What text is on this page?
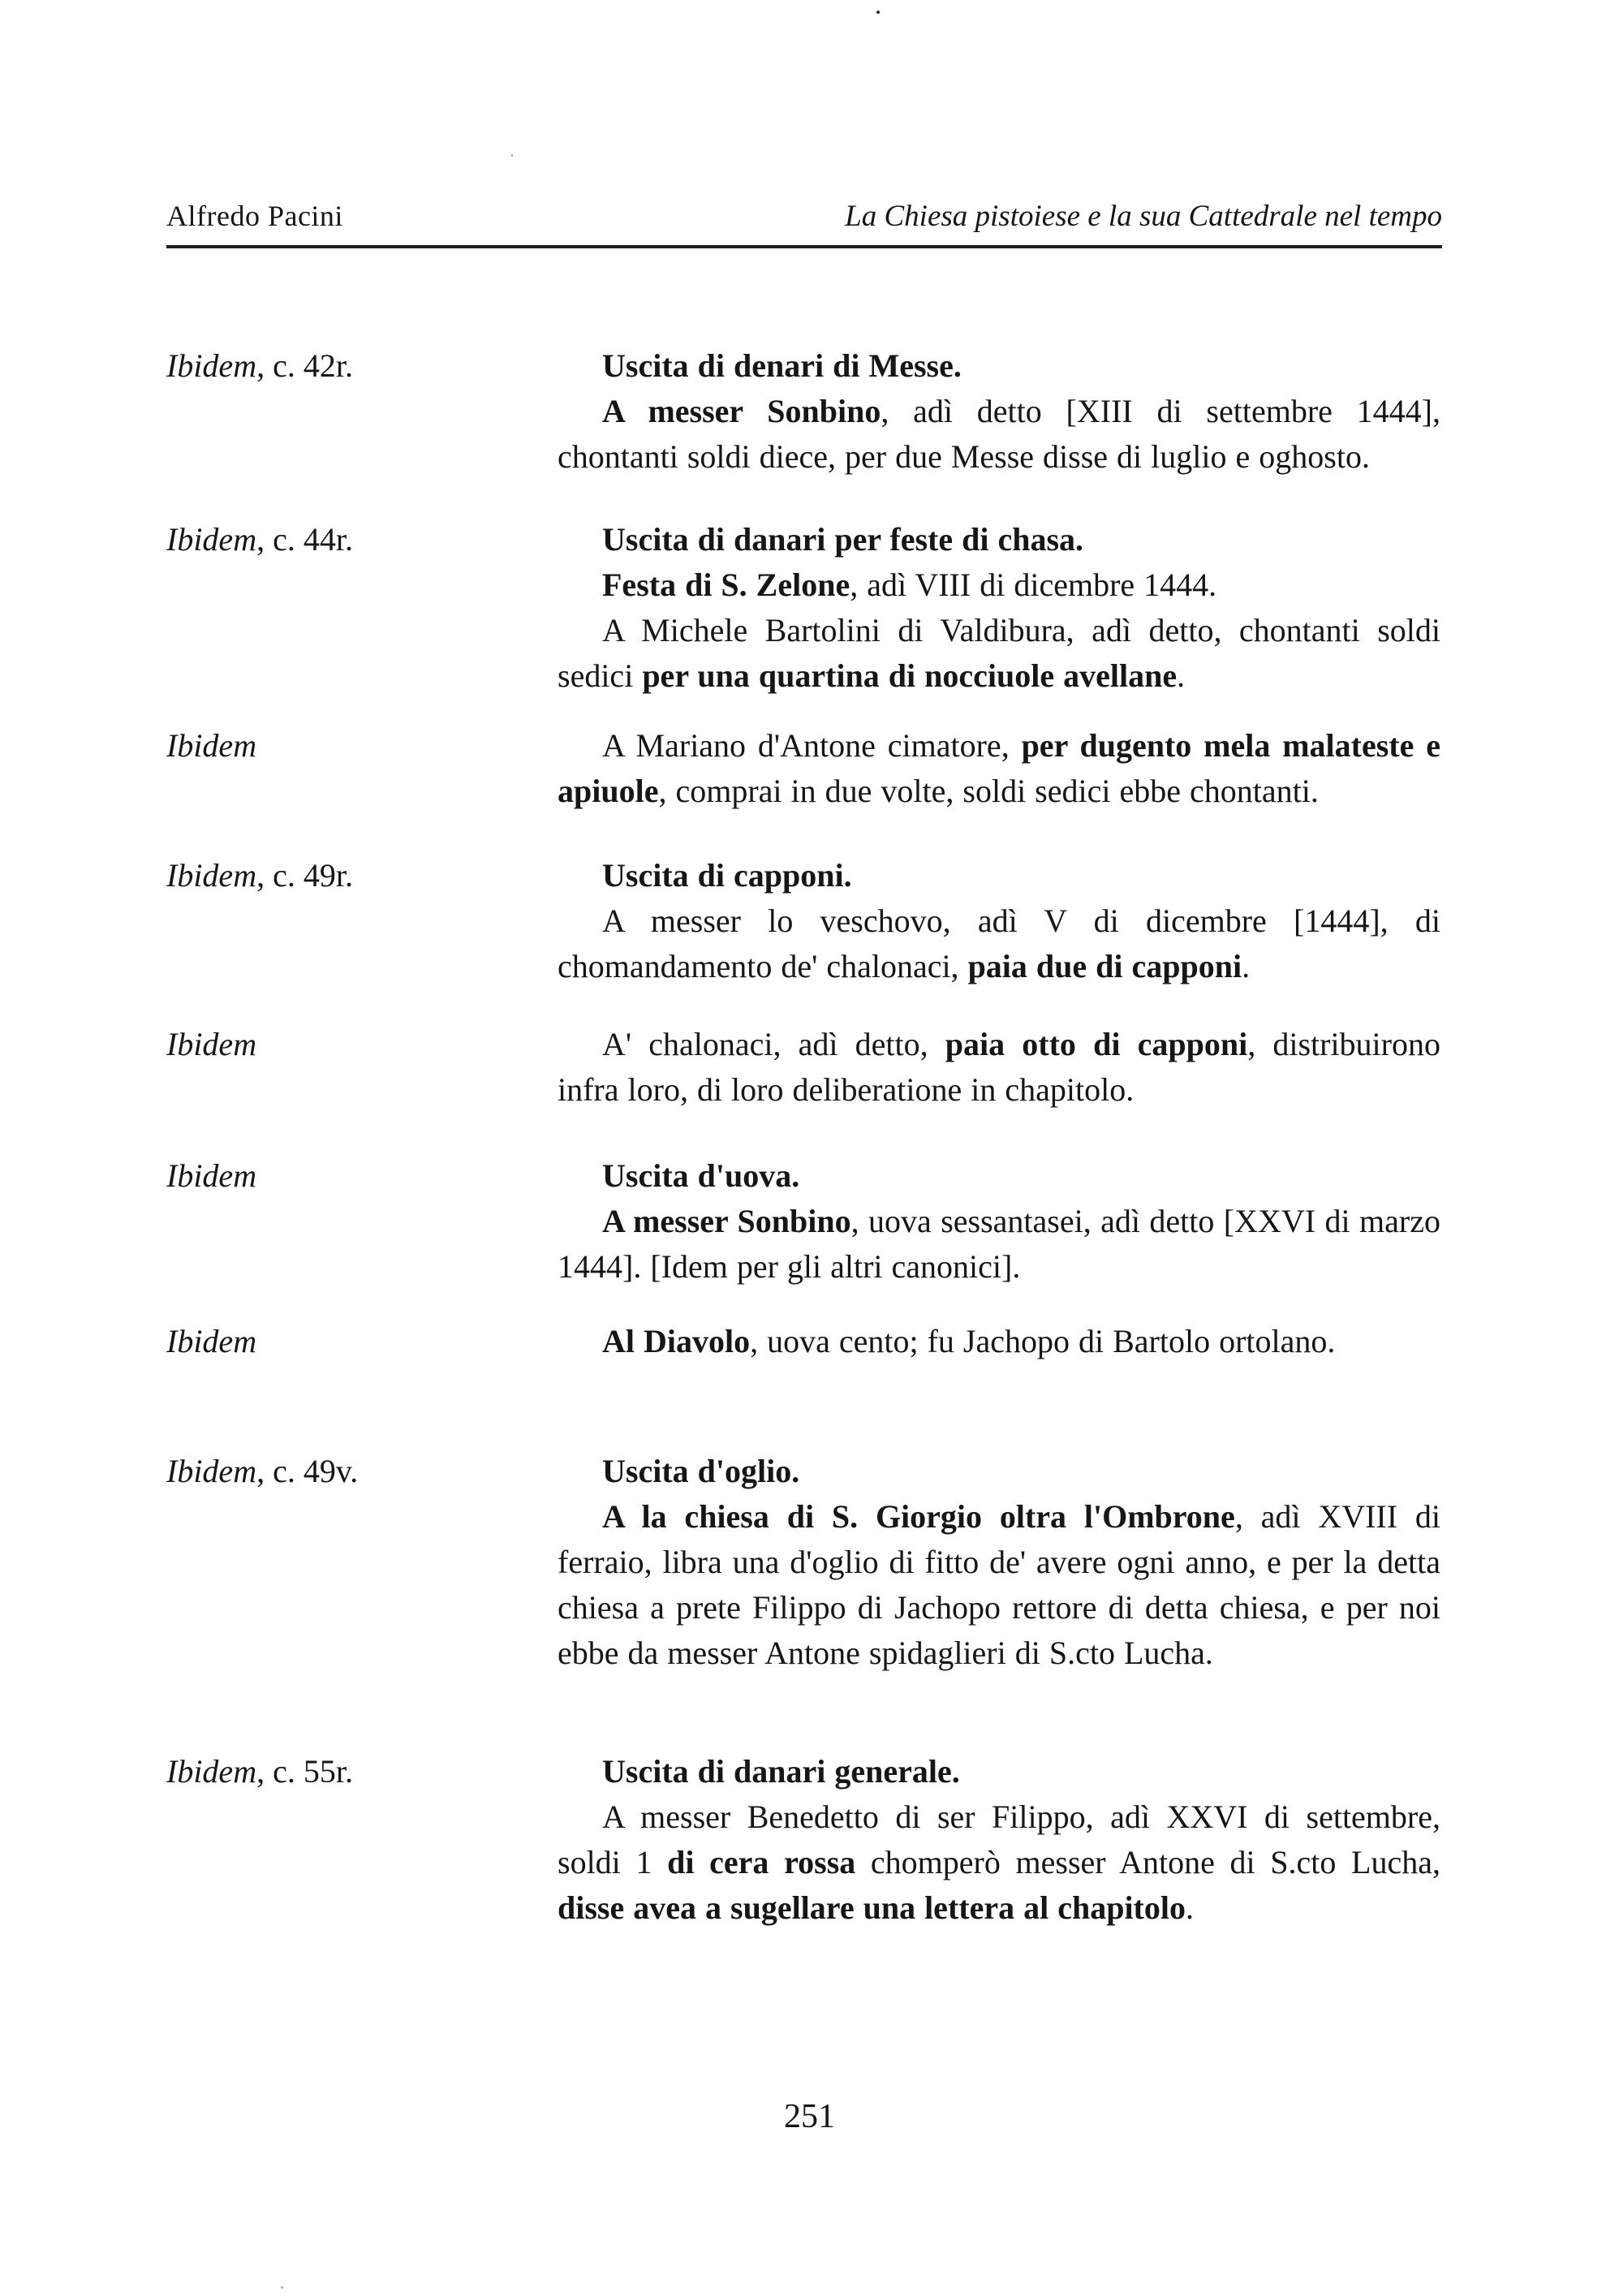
Alfredo Pacini	La Chiesa pistoiese e la sua Cattedrale nel tempo
Ibidem, c. 42r.	Uscita di denari di Messe.

A messer Sonbino, adì detto [XIII di settembre 1444], chontanti soldi diece, per due Messe disse di luglio e oghosto.

Ibidem, c. 44r.	Uscita di danari per feste di chasa.

Festa di S. Zelone, adì VIII di dicembre 1444.

A Michele Bartolini di Valdibura, adì detto, chontanti soldi sedici per una quartina di nocciuole avellane.

Ibidem	A Mariano d'Antone cimatore, per dugento mela malateste e apiuole, comprai in due volte, soldi sedici ebbe chontanti.

Ibidem, c. 49r.	Uscita di capponi.

A messer lo veschovo, adì V di dicembre [1444], di chomandamento de' chalonaci, paia due di capponi.

Ibidem	A' chalonaci, adì detto, paia otto di capponi, distribuirono infra loro, di loro deliberatione in chapitolo.

Ibidem	Uscita d'uova.

A messer Sonbino, uova sessantasei, adì detto [XXVI di marzo 1444]. [Idem per gli altri canonici].

Ibidem	Al Diavolo, uova cento; fu Jachopo di Bartolo ortolano.

Ibidem, c. 49v.	Uscita d'oglio.

A la chiesa di S. Giorgio oltra l'Ombrone, adì XVIII di ferraio, libra una d'oglio di fitto de' avere ogni anno, e per la detta chiesa a prete Filippo di Jachopo rettore di detta chiesa, e per noi ebbe da messer Antone spidaglieri di S.cto Lucha.

Ibidem, c. 55r.	Uscita di danari generale.

A messer Benedetto di ser Filippo, adì XXVI di settembre, soldi 1 di cera rossa chomperò messer Antone di S.cto Lucha, disse avea a sugellare una lettera al chapitolo.

251
